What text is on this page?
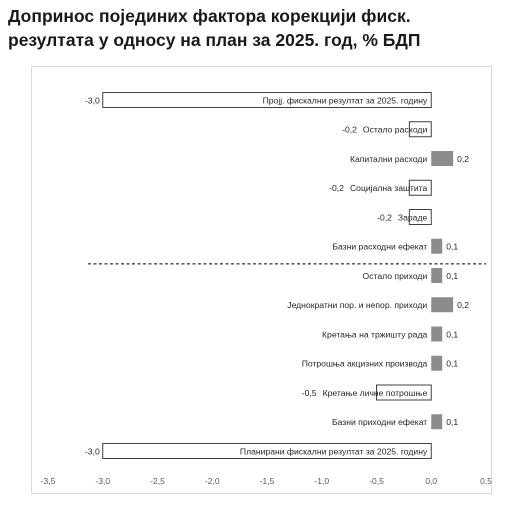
Допринос појединих фактора корекцији фиск.
резултата у односу на план за 2025. год, % БДП
-3,5	-3,0	-2,5	-2,0	-1,5	-1,0	-0,5	0,0	0,5
Пројј. фискални резултат за 2025. годину
-3,0
Остало расходи
-0,2
Капитални расходи	0,2
Социјална заштита
-0,2
Зараде
-0,2
Базни расходни ефекат 0,1
Остало приходи 0,1
Једнократни пор. и непор. приходи	0,2
Кретања на тржишту рада 0,1
Потрошња акцизних производа 0,1
Кретање личне потрошње
-0,5
Базни приходни ефекат 0,1
Планирани фискални резултат за 2025. годину
-3,0
